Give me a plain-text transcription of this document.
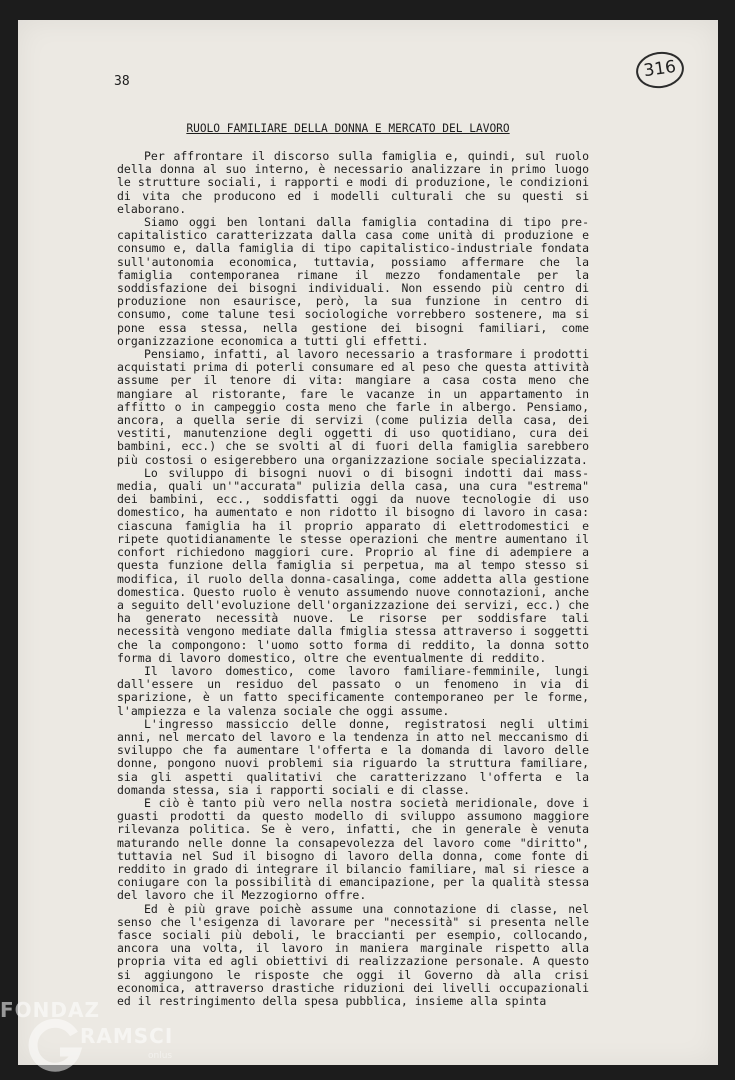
38
316
RUOLO FAMILIARE DELLA DONNA E MERCATO DEL LAVORO

Per affrontare il discorso sulla famiglia e, quindi, sul ruolo della donna al suo interno, è necessario analizzare in primo luogo le strutture sociali, i rapporti e modi di produzione, le condizioni di vita che producono ed i modelli culturali che su questi si elaborano.

Siamo oggi ben lontani dalla famiglia contadina di tipo pre-capitalistico caratterizzata dalla casa come unità di produzione e consumo e, dalla famiglia di tipo capitalistico-industriale fondata sull'autonomia economica, tuttavia, possiamo affermare che la famiglia contemporanea rimane il mezzo fondamentale per la soddisfazione dei bisogni individuali. Non essendo più centro di produzione non esaurisce, però, la sua funzione in centro di consumo, come talune tesi sociologiche vorrebbero sostenere, ma si pone essa stessa, nella gestione dei bisogni familiari, come organizzazione economica a tutti gli effetti.

Pensiamo, infatti, al lavoro necessario a trasformare i prodotti acquistati prima di poterli consumare ed al peso che questa attività assume per il tenore di vita: mangiare a casa costa meno che mangiare al ristorante, fare le vacanze in un appartamento in affitto o in campeggio costa meno che farle in albergo. Pensiamo, ancora, a quella serie di servizi (come pulizia della casa, dei vestiti, manutenzione degli oggetti di uso quotidiano, cura dei bambini, ecc.) che se svolti al di fuori della famiglia sarebbero più costosi o esigerebbero una organizzazione sociale specializzata.

Lo sviluppo di bisogni nuovi o di bisogni indotti dai mass-media, quali un'"accurata" pulizia della casa, una cura "estrema" dei bambini, ecc., soddisfatti oggi da nuove tecnologie di uso domestico, ha aumentato e non ridotto il bisogno di lavoro in casa: ciascuna famiglia ha il proprio apparato di elettrodomestici e ripete quotidianamente le stesse operazioni che mentre aumentano il confort richiedono maggiori cure. Proprio al fine di adempiere a questa funzione della famiglia si perpetua, ma al tempo stesso si modifica, il ruolo della donna-casalinga, come addetta alla gestione domestica. Questo ruolo è venuto assumendo nuove connotazioni, anche a seguito dell'evoluzione dell'organizzazione dei servizi, ecc.) che ha generato necessità nuove. Le risorse per soddisfare tali necessità vengono mediate dalla fmiglia stessa attraverso i soggetti che la compongono: l'uomo sotto forma di reddito, la donna sotto forma di lavoro domestico, oltre che eventualmente di reddito.

Il lavoro domestico, come lavoro familiare-femminile, lungi dall'essere un residuo del passato o un fenomeno in via di sparizione, è un fatto specificamente contemporaneo per le forme, l'ampiezza e la valenza sociale che oggi assume.

L'ingresso massiccio delle donne, registratosi negli ultimi anni, nel mercato del lavoro e la tendenza in atto nel meccanismo di sviluppo che fa aumentare l'offerta e la domanda di lavoro delle donne, pongono nuovi problemi sia riguardo la struttura familiare, sia gli aspetti qualitativi che caratterizzano l'offerta e la domanda stessa, sia i rapporti sociali e di classe.

E ciò è tanto più vero nella nostra società meridionale, dove i guasti prodotti da questo modello di sviluppo assumono maggiore rilevanza politica. Se è vero, infatti, che in generale è venuta maturando nelle donne la consapevolezza del lavoro come "diritto", tuttavia nel Sud il bisogno di lavoro della donna, come fonte di reddito in grado di integrare il bilancio familiare, mal si riesce a coniugare con la possibilità di emancipazione, per la qualità stessa del lavoro che il Mezzogiorno offre.

Ed è più grave poichè assume una connotazione di classe, nel senso che l'esigenza di lavorare per "necessità" si presenta nelle fasce sociali più deboli, le braccianti per esempio, collocando, ancora una volta, il lavoro in maniera marginale rispetto alla propria vita ed agli obiettivi di realizzazione personale. A questo si aggiungono le risposte che oggi il Governo dà alla crisi economica, attraverso drastiche riduzioni dei livelli occupazionali ed il restringimento della spesa pubblica, insieme alla spinta

FONDAZ
RAMSCI
onlus
